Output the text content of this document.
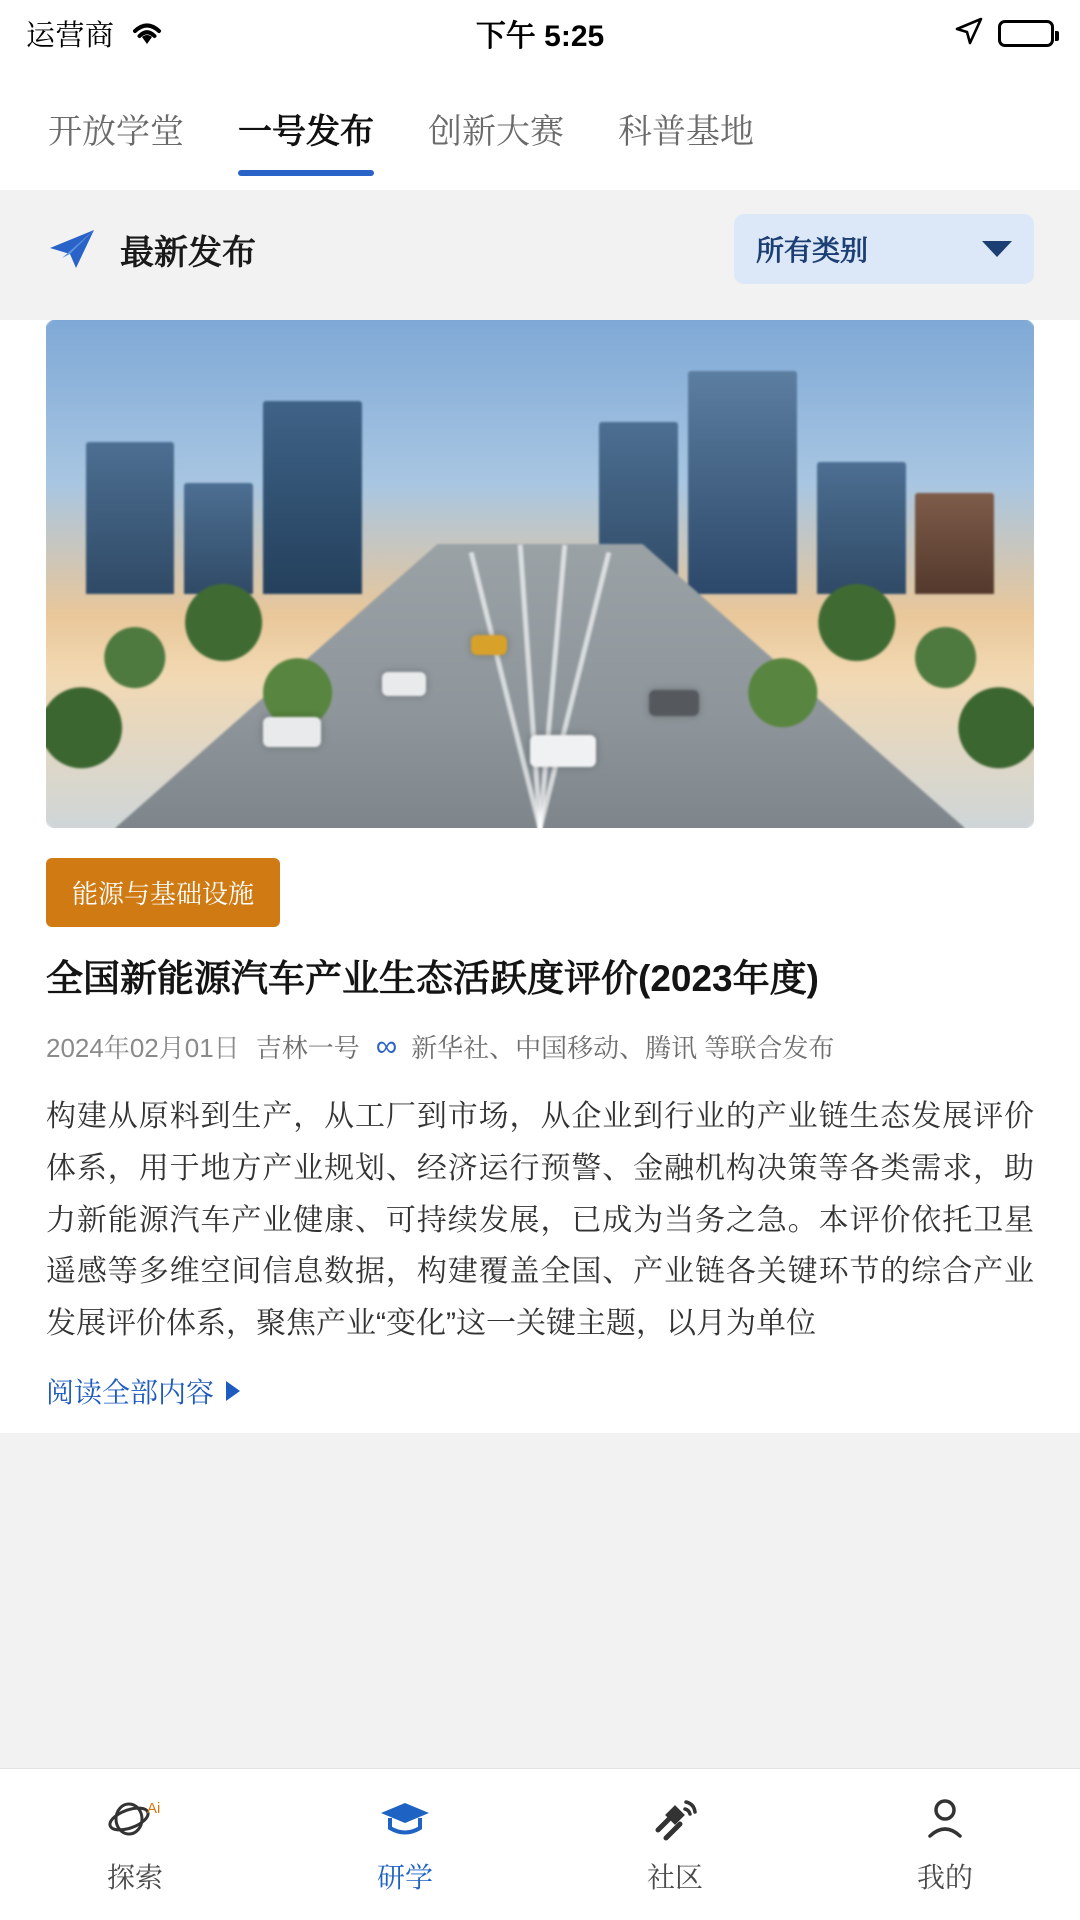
运营商	下午 5:25
开放学堂 一号发布 创新大赛 科普基地
最新发布	所有类别
能源与基础设施
全国新能源汽车产业生态活跃度评价(2023年度)
2024年02月01日 吉林一号 ∞ 新华社、中国移动、腾讯 等联合发布
构建从原料到生产，从工厂到市场，从企业到行业的产业链生态发展评价体系，用于地方产业规划、经济运行预警、金融机构决策等各类需求，助力新能源汽车产业健康、可持续发展，已成为当务之急。本评价依托卫星遥感等多维空间信息数据，构建覆盖全国、产业链各关键环节的综合产业发展评价体系，聚焦产业“变化”这一关键主题，以月为单位
阅读全部内容
Ai
探索	研学	社区	我的
